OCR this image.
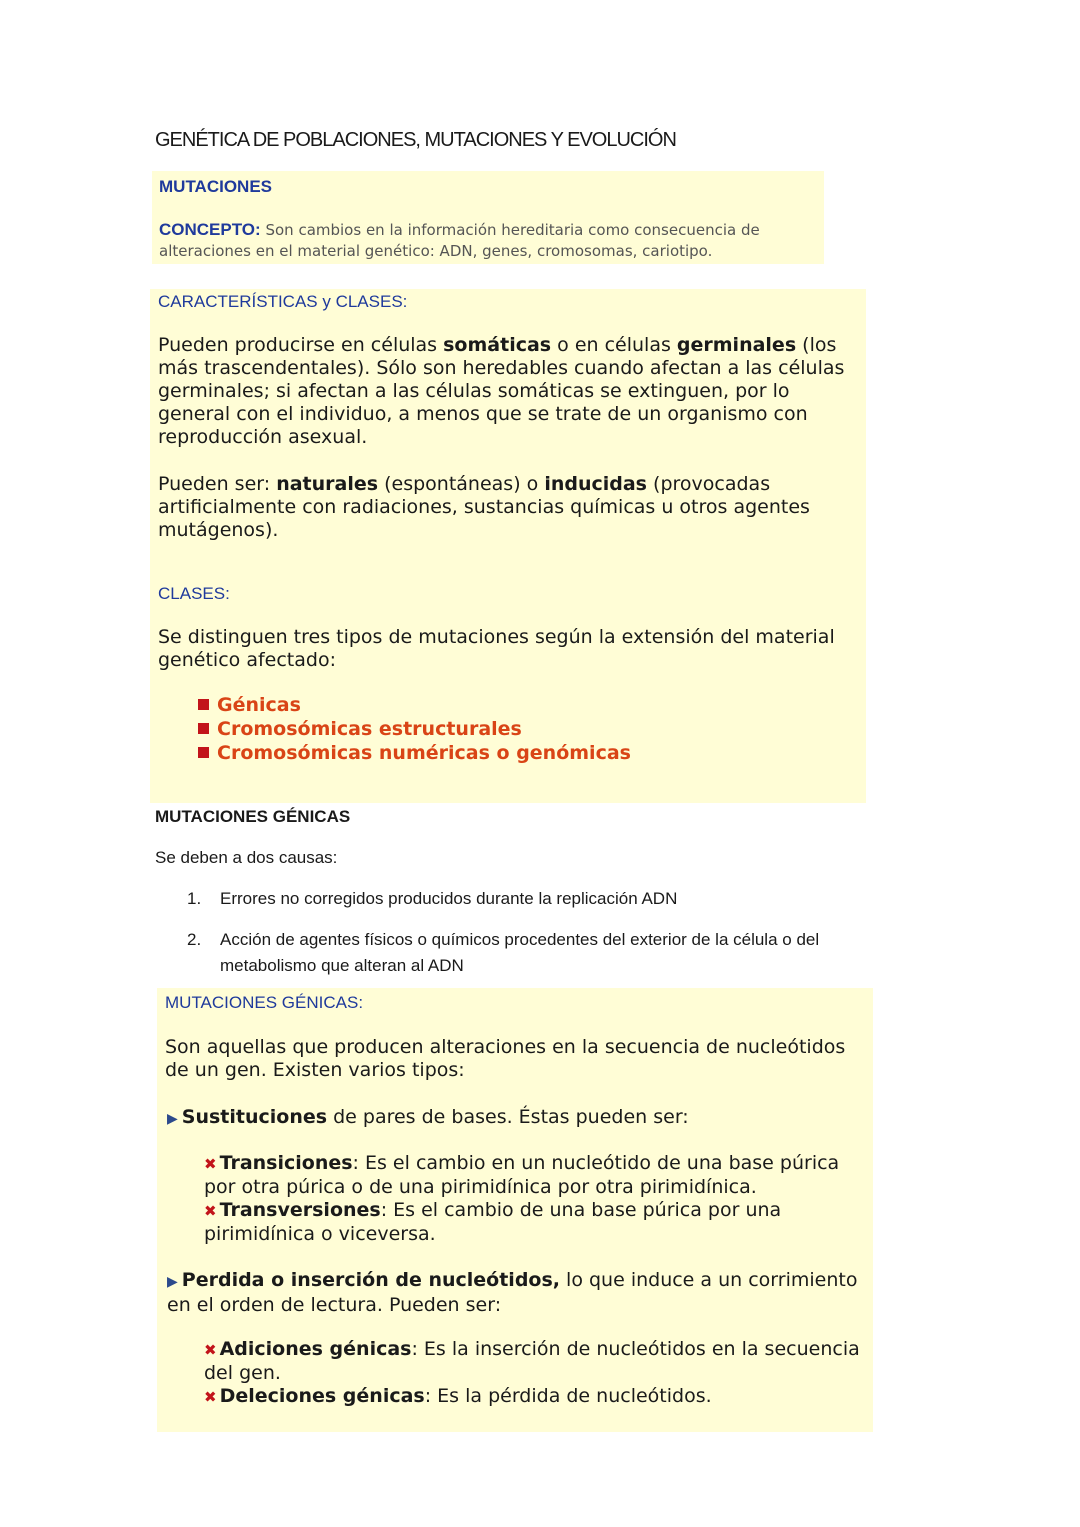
GENÉTICA DE POBLACIONES, MUTACIONES Y EVOLUCIÓN
MUTACIONES
CONCEPTO: Son cambios en la información hereditaria como consecuencia de
alteraciones en el material genético: ADN, genes, cromosomas, cariotipo.
CARACTERÍSTICAS y CLASES:
Pueden producirse en células somáticas o en células germinales (los más trascendentales). Sólo son heredables cuando afectan a las células germinales; si afectan a las células somáticas se extinguen, por lo general con el individuo, a menos que se trate de un organismo con reproducción asexual.
Pueden ser: naturales (espontáneas) o inducidas (provocadas artificialmente con radiaciones, sustancias químicas u otros agentes mutágenos).
CLASES:
Se distinguen tres tipos de mutaciones según la extensión del material genético afectado:
Génicas
Cromosómicas estructurales
Cromosómicas numéricas o genómicas
MUTACIONES GÉNICAS
Se deben a dos causas:
1. Errores no corregidos producidos durante la replicación ADN
2.	Acción de agentes físicos o químicos procedentes del exterior de la célula o del metabolismo que alteran al ADN
MUTACIONES GÉNICAS:
Son aquellas que producen alteraciones en la secuencia de nucleótidos de un gen. Existen varios tipos:
▶ Sustituciones de pares de bases. Éstas pueden ser:
✖ Transiciones: Es el cambio en un nucleótido de una base púrica por otra púrica o de una pirimidínica por otra pirimidínica.
✖ Transversiones: Es el cambio de una base púrica por una pirimidínica o viceversa.
▶ Perdida o inserción de nucleótidos, lo que induce a un corrimiento en el orden de lectura. Pueden ser:
✖ Adiciones génicas: Es la inserción de nucleótidos en la secuencia del gen.
✖ Deleciones génicas: Es la pérdida de nucleótidos.
